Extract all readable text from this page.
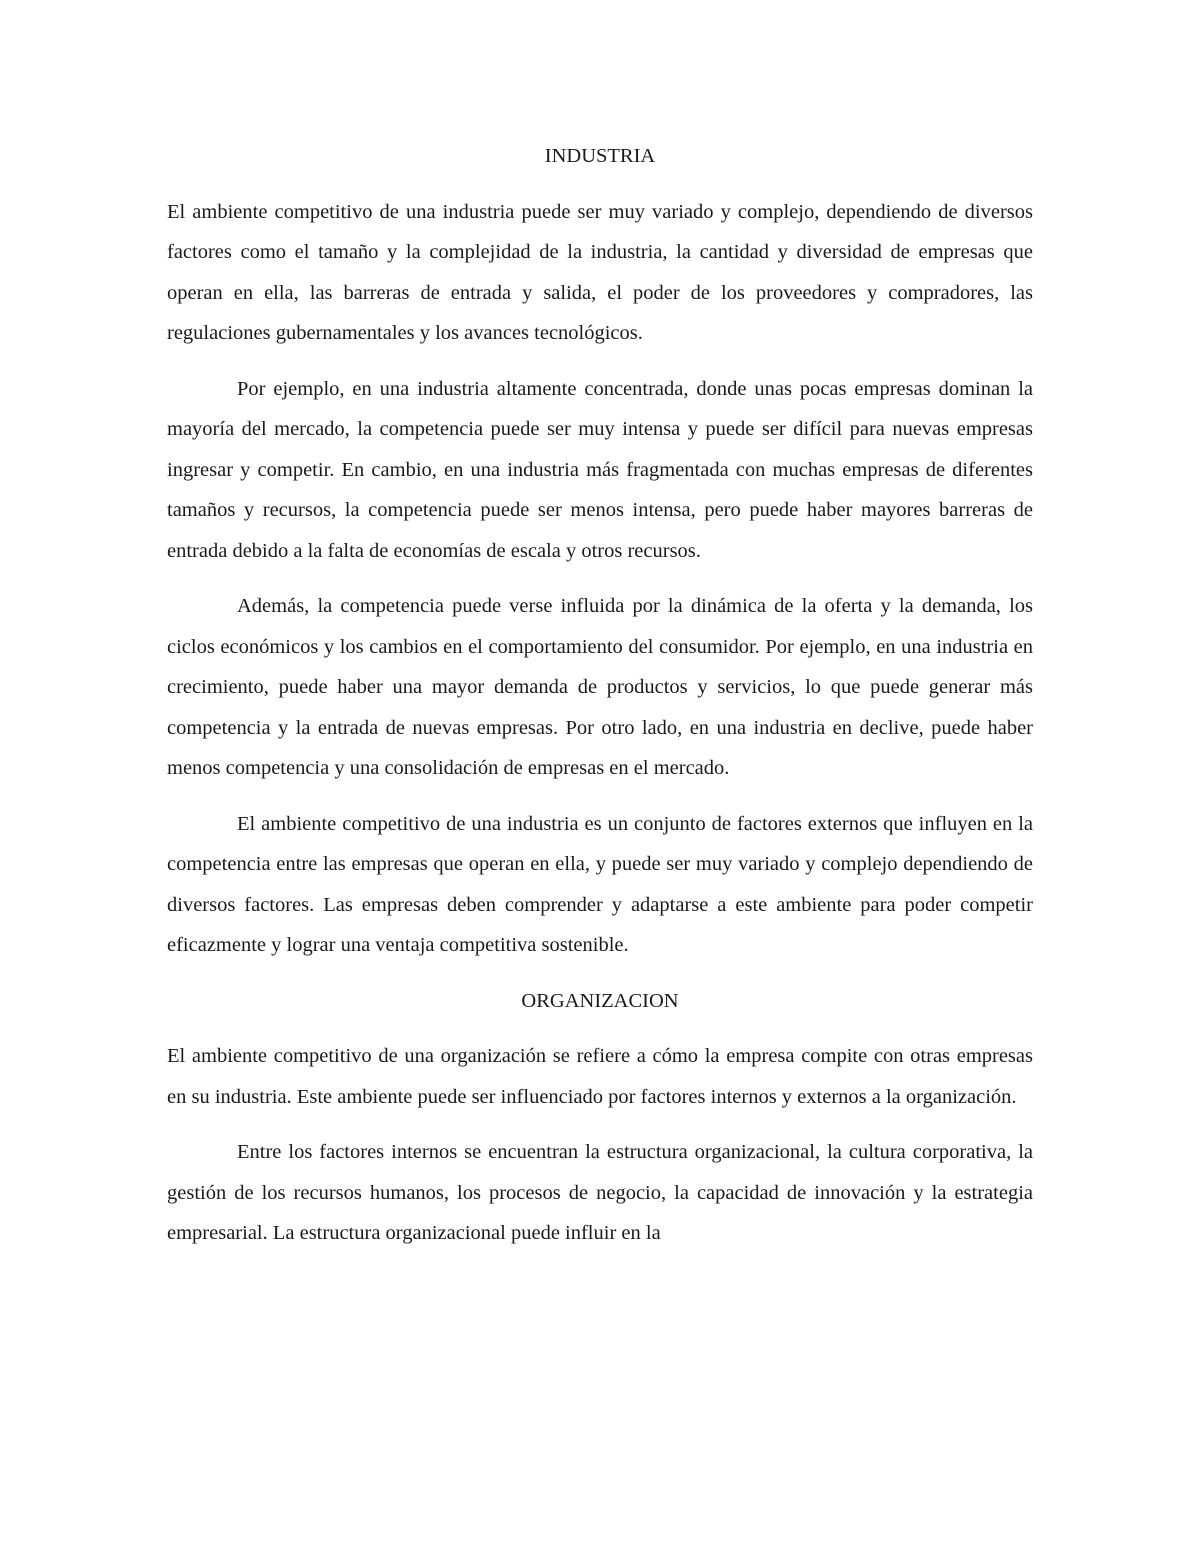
INDUSTRIA

El ambiente competitivo de una industria puede ser muy variado y complejo, dependiendo de diversos factores como el tamaño y la complejidad de la industria, la cantidad y diversidad de empresas que operan en ella, las barreras de entrada y salida, el poder de los proveedores y compradores, las regulaciones gubernamentales y los avances tecnológicos.

Por ejemplo, en una industria altamente concentrada, donde unas pocas empresas dominan la mayoría del mercado, la competencia puede ser muy intensa y puede ser difícil para nuevas empresas ingresar y competir. En cambio, en una industria más fragmentada con muchas empresas de diferentes tamaños y recursos, la competencia puede ser menos intensa, pero puede haber mayores barreras de entrada debido a la falta de economías de escala y otros recursos.

Además, la competencia puede verse influida por la dinámica de la oferta y la demanda, los ciclos económicos y los cambios en el comportamiento del consumidor. Por ejemplo, en una industria en crecimiento, puede haber una mayor demanda de productos y servicios, lo que puede generar más competencia y la entrada de nuevas empresas. Por otro lado, en una industria en declive, puede haber menos competencia y una consolidación de empresas en el mercado.

El ambiente competitivo de una industria es un conjunto de factores externos que influyen en la competencia entre las empresas que operan en ella, y puede ser muy variado y complejo dependiendo de diversos factores. Las empresas deben comprender y adaptarse a este ambiente para poder competir eficazmente y lograr una ventaja competitiva sostenible.

ORGANIZACION

El ambiente competitivo de una organización se refiere a cómo la empresa compite con otras empresas en su industria. Este ambiente puede ser influenciado por factores internos y externos a la organización.

Entre los factores internos se encuentran la estructura organizacional, la cultura corporativa, la gestión de los recursos humanos, los procesos de negocio, la capacidad de innovación y la estrategia empresarial. La estructura organizacional puede influir en la
